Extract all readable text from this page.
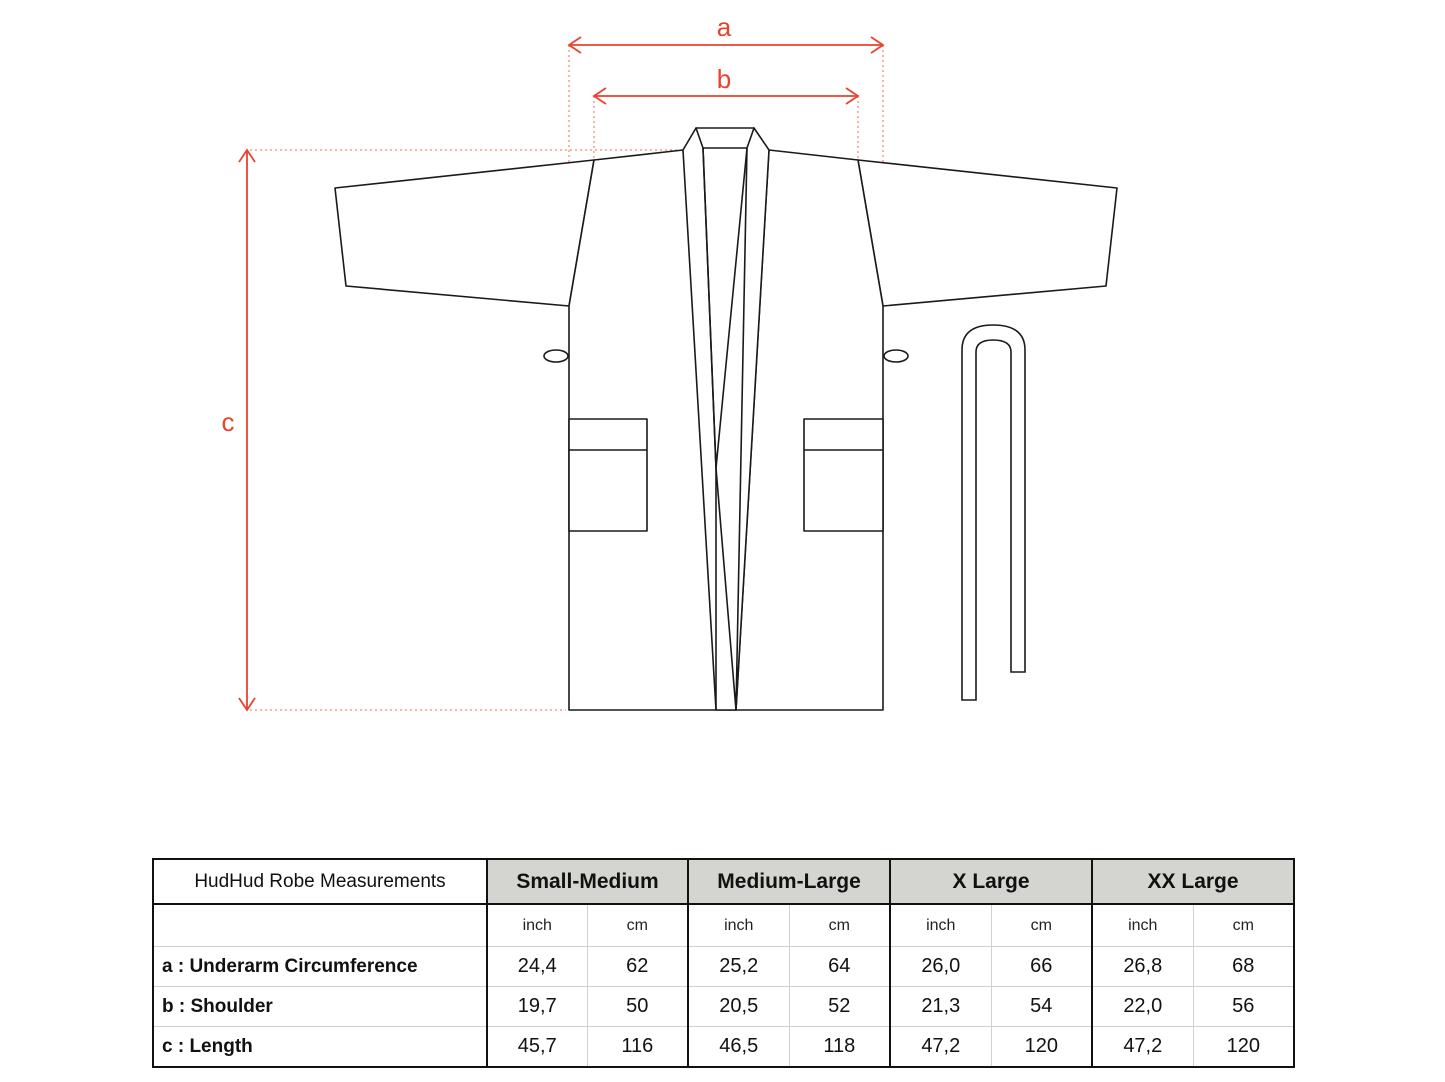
a
b
c
HudHud Robe Measurements	Small-Medium		Medium-Large		X Large		XX Large	
	inch	cm	inch	cm	inch	cm	inch	cm
a : Underarm Circumference	24,4	62	25,2	64	26,0	66	26,8	68
b : Shoulder	19,7	50	20,5	52	21,3	54	22,0	56
c : Length	45,7	116	46,5	118	47,2	120	47,2	120
